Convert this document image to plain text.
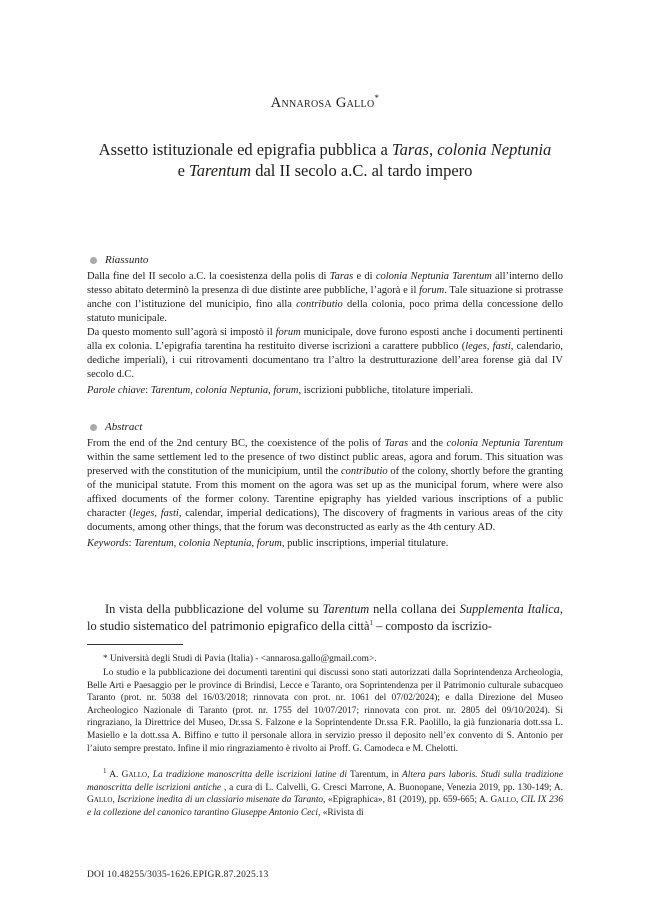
Annarosa Gallo*
Assetto istituzionale ed epigrafia pubblica a Taras, colonia Neptunia
e Tarentum dal II secolo a.C. al tardo impero
Riassunto

Dalla fine del II secolo a.C. la coesistenza della polis di Taras e di colonia Neptunia Tarentum all’interno dello stesso abitato determinò la presenza di due distinte aree pubbliche, l’agorà e il forum. Tale situazione si protrasse anche con l’istituzione del municipio, fino alla contributio della colonia, poco prima della concessione dello statuto municipale.

Da questo momento sull’agorà si impostò il forum municipale, dove furono esposti anche i documenti pertinenti alla ex colonia. L’epigrafia tarentina ha restituito diverse iscrizioni a carattere pubblico (leges, fasti, calendario, dediche imperiali), i cui ritrovamenti documentano tra l’altro la destrutturazione dell’area forense già dal IV secolo d.C.

Parole chiave: Tarentum, colonia Neptunia, forum, iscrizioni pubbliche, titolature imperiali.

Abstract

From the end of the 2nd century BC, the coexistence of the polis of Taras and the colonia Neptunia Tarentum within the same settlement led to the presence of two distinct public areas, agora and forum. This situation was preserved with the constitution of the municipium, until the contributio of the colony, shortly before the granting of the municipal statute. From this moment on the agora was set up as the municipal forum, where were also affixed documents of the former colony. Tarentine epigraphy has yielded various inscriptions of a public character (leges, fasti, calendar, imperial dedications), The discovery of fragments in various areas of the city documents, among other things, that the forum was deconstructed as early as the 4th century AD.

Keywords: Tarentum, colonia Neptunia, forum, public inscriptions, imperial titulature.

In vista della pubblicazione del volume su Tarentum nella collana dei Supplementa Italica, lo studio sistematico del patrimonio epigrafico della città$^1$ – composto da iscrizio-

* Università degli Studi di Pavia (Italia) - <annarosa.gallo@gmail.com>.

Lo studio e la pubblicazione dei documenti tarentini qui discussi sono stati autorizzati dalla Soprintendenza Archeologia, Belle Arti e Paesaggio per le province di Brindisi, Lecce e Taranto, ora Soprintendenza per il Patrimonio culturale subacqueo Taranto (prot. nr. 5038 del 16/03/2018; rinnovata con prot. nr. 1061 del 07/02/2024); e dalla Direzione del Museo Archeologico Nazionale di Taranto (prot. nr. 1755 del 10/07/2017; rinnovata con prot. nr. 2805 del 09/10/2024). Si ringraziano, la Direttrice del Museo, Dr.ssa S. Falzone e la Soprintendente Dr.ssa F.R. Paolillo, la già funzionaria dott.ssa L. Masiello e la dott.ssa A. Biffino e tutto il personale allora in servizio presso il deposito nell’ex convento di S. Antonio per l’aiuto sempre prestato. Infine il mio ringraziamento è rivolto ai Proff. G. Camodeca e M. Chelotti.

$^1$ A. Gallo, La tradizione manoscritta delle iscrizioni latine di Tarentum, in Altera pars laboris. Studi sulla tradizione manoscritta delle iscrizioni antiche , a cura di L. Calvelli, G. Cresci Marrone, A. Buonopane, Venezia 2019, pp. 130-149; A. Gallo, Iscrizione inedita di un classiario misenate da Taranto, «Epigraphica», 81 (2019), pp. 659-665; A. Gallo, CIL IX 236 e la collezione del canonico tarantino Giuseppe Antonio Ceci, «Rivista di

DOI 10.48255/3035-1626.EPIGR.87.2025.13
